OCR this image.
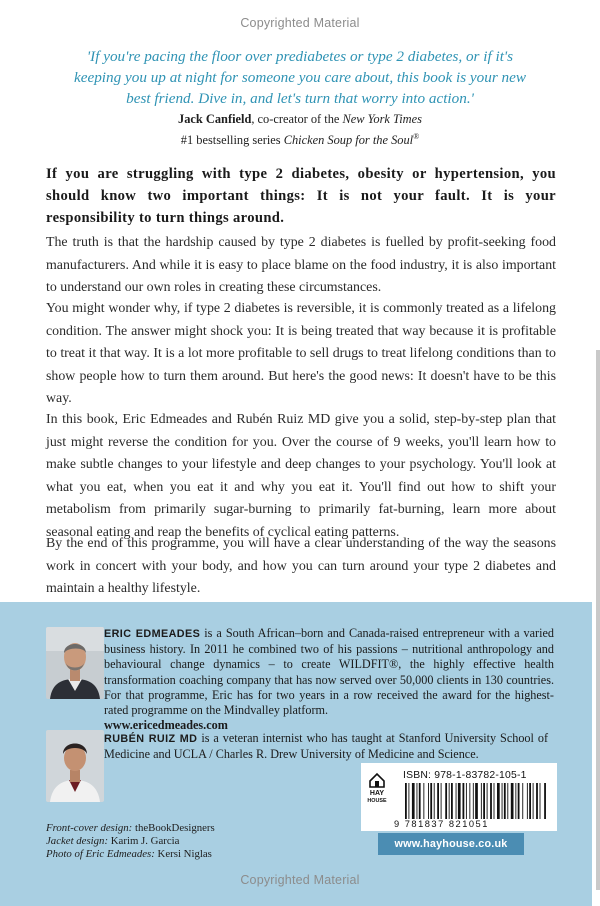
Copyrighted Material
'If you're pacing the floor over prediabetes or type 2 diabetes, or if it's
keeping you up at night for someone you care about, this book is your new
best friend. Dive in, and let's turn that worry into action.'
Jack Canfield, co-creator of the New York Times
#1 bestselling series Chicken Soup for the Soul®
If you are struggling with type 2 diabetes, obesity or hypertension, you should know two important things: It is not your fault. It is your responsibility to turn things around.
The truth is that the hardship caused by type 2 diabetes is fuelled by profit-seeking food manufacturers. And while it is easy to place blame on the food industry, it is also important to understand our own roles in creating these circumstances.
You might wonder why, if type 2 diabetes is reversible, it is commonly treated as a lifelong condition. The answer might shock you: It is being treated that way because it is profitable to treat it that way. It is a lot more profitable to sell drugs to treat lifelong conditions than to show people how to turn them around. But here's the good news: It doesn't have to be this way.
In this book, Eric Edmeades and Rubén Ruiz MD give you a solid, step-by-step plan that just might reverse the condition for you. Over the course of 9 weeks, you'll learn how to make subtle changes to your lifestyle and deep changes to your psychology. You'll look at what you eat, when you eat it and why you eat it. You'll find out how to shift your metabolism from primarily sugar-burning to primarily fat-burning, learn more about seasonal eating and reap the benefits of cyclical eating patterns.
By the end of this programme, you will have a clear understanding of the way the seasons work in concert with your body, and how you can turn around your type 2 diabetes and maintain a healthy lifestyle.
ERIC EDMEADES is a South African–born and Canada-raised entrepreneur with a varied business history. In 2011 he combined two of his passions – nutritional anthropology and behavioural change dynamics – to create WILDFIT®, the highly effective health transformation coaching company that has now served over 50,000 clients in 130 countries. For that programme, Eric has for two years in a row received the award for the highest-rated programme on the Mindvalley platform.
www.ericedmeades.com
RUBÉN RUIZ MD is a veteran internist who has taught at Stanford University School of Medicine and UCLA / Charles R. Drew University of Medicine and Science.
Front-cover design: theBookDesigners
Jacket design: Karim J. Garcia
Photo of Eric Edmeades: Kersi Niglas
HAY
HOUSE
ISBN: 978-1-83782-105-1
9 781837 821051
www.hayhouse.co.uk
Copyrighted Material
